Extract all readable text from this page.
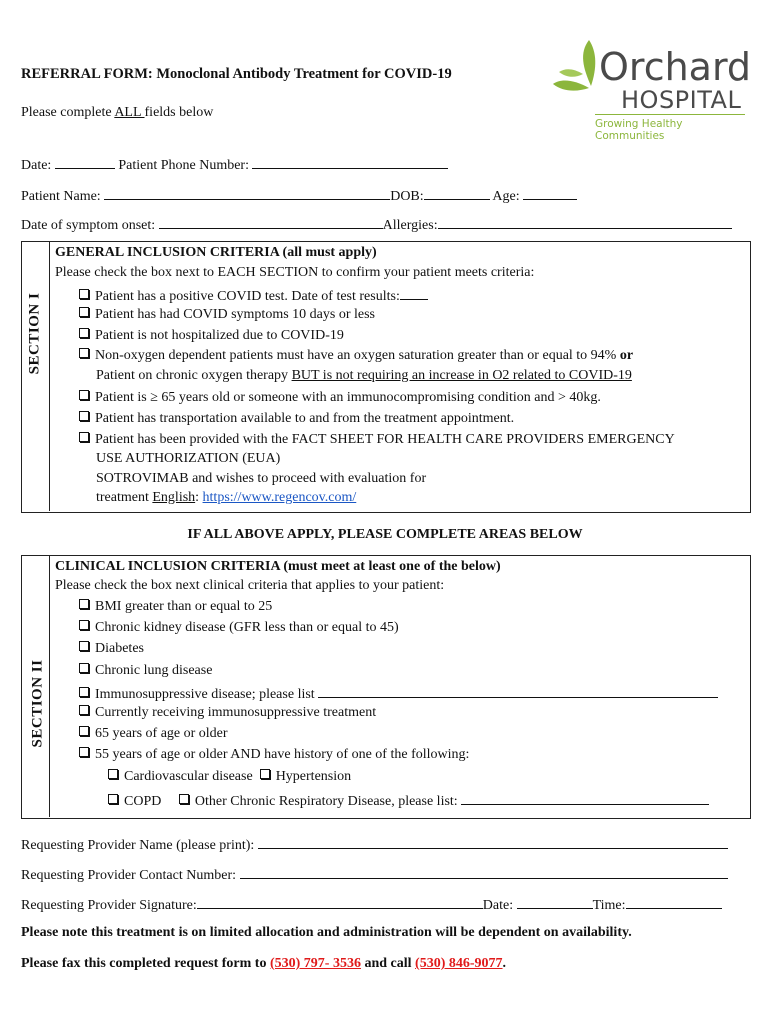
Orchard
HOSPITAL
Growing Healthy Communities
REFERRAL FORM: Monoclonal Antibody Treatment for COVID-19
Please complete ALL fields below
Date:	Patient Phone Number:
Patient Name:	DOB:	Age:
Date of symptom onset:	Allergies:
SECTION I
GENERAL INCLUSION CRITERIA (all must apply)
Please check the box next to EACH SECTION to confirm your patient meets criteria:
Patient has a positive COVID test. Date of test results:
Patient has had COVID symptoms 10 days or less
Patient is not hospitalized due to COVID-19
Non-oxygen dependent patients must have an oxygen saturation greater than or equal to 94% or
Patient on chronic oxygen therapy BUT is not requiring an increase in O2 related to COVID-19
Patient is ≥ 65 years old or someone with an immunocompromising condition and > 40kg.
Patient has transportation available to and from the treatment appointment.
Patient has been provided with the FACT SHEET FOR HEALTH CARE PROVIDERS EMERGENCY
USE AUTHORIZATION (EUA)
SOTROVIMAB and wishes to proceed with evaluation for
treatment English: https://www.regencov.com/
IF ALL ABOVE APPLY, PLEASE COMPLETE AREAS BELOW
SECTION II
CLINICAL INCLUSION CRITERIA (must meet at least one of the below)
Please check the box next clinical criteria that applies to your patient:
BMI greater than or equal to 25
Chronic kidney disease (GFR less than or equal to 45)
Diabetes
Chronic lung disease
Immunosuppressive disease; please list
Currently receiving immunosuppressive treatment
65 years of age or older
55 years of age or older AND have history of one of the following:
Cardiovascular disease Hypertension
COPD Other Chronic Respiratory Disease, please list:
Requesting Provider Name (please print):
Requesting Provider Contact Number:
Requesting Provider Signature:	Date:	Time:
Please note this treatment is on limited allocation and administration will be dependent on availability.
Please fax this completed request form to (530) 797- 3536 and call (530) 846-9077.
